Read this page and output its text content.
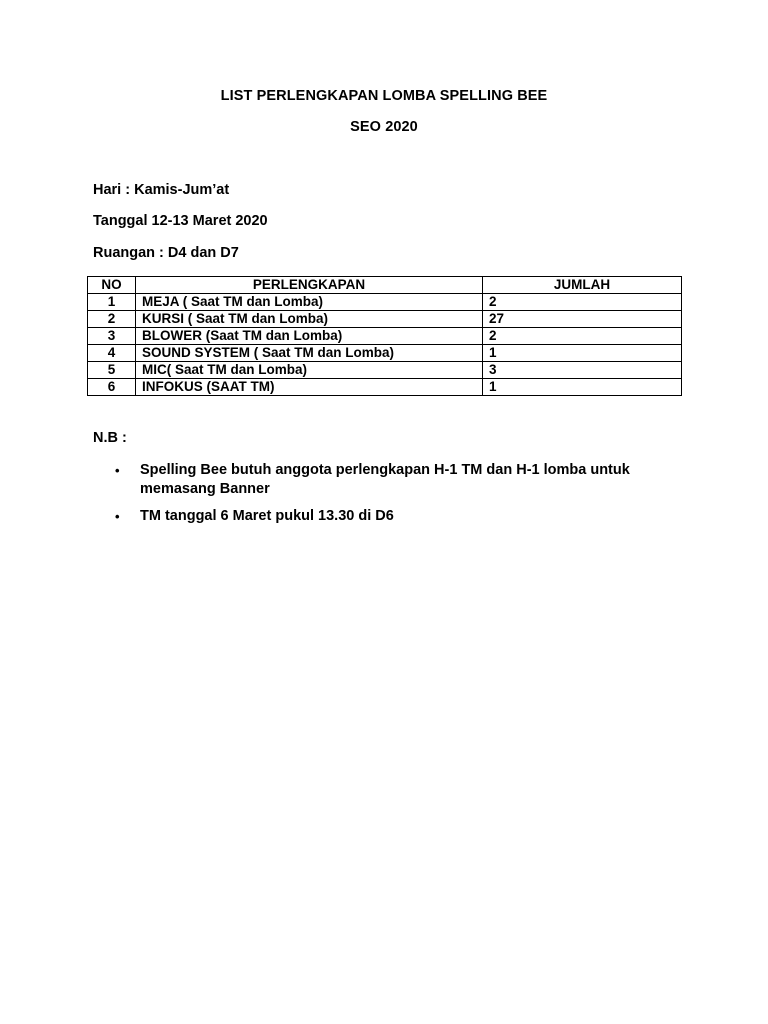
LIST PERLENGKAPAN LOMBA SPELLING BEE
SEO 2020
Hari : Kamis-Jum’at
Tanggal 12-13 Maret 2020
Ruangan : D4 dan D7
NO	PERLENGKAPAN	JUMLAH
1	MEJA ( Saat TM dan Lomba)	2
2	KURSI ( Saat TM dan Lomba)	27
3	BLOWER (Saat TM dan Lomba)	2
4	SOUND SYSTEM ( Saat TM dan Lomba)	1
5	MIC( Saat TM dan Lomba)	3
6	INFOKUS (SAAT TM)	1
N.B :
• Spelling Bee butuh anggota perlengkapan H-1 TM dan H-1 lomba untuk memasang Banner
• TM tanggal 6 Maret pukul 13.30 di D6
